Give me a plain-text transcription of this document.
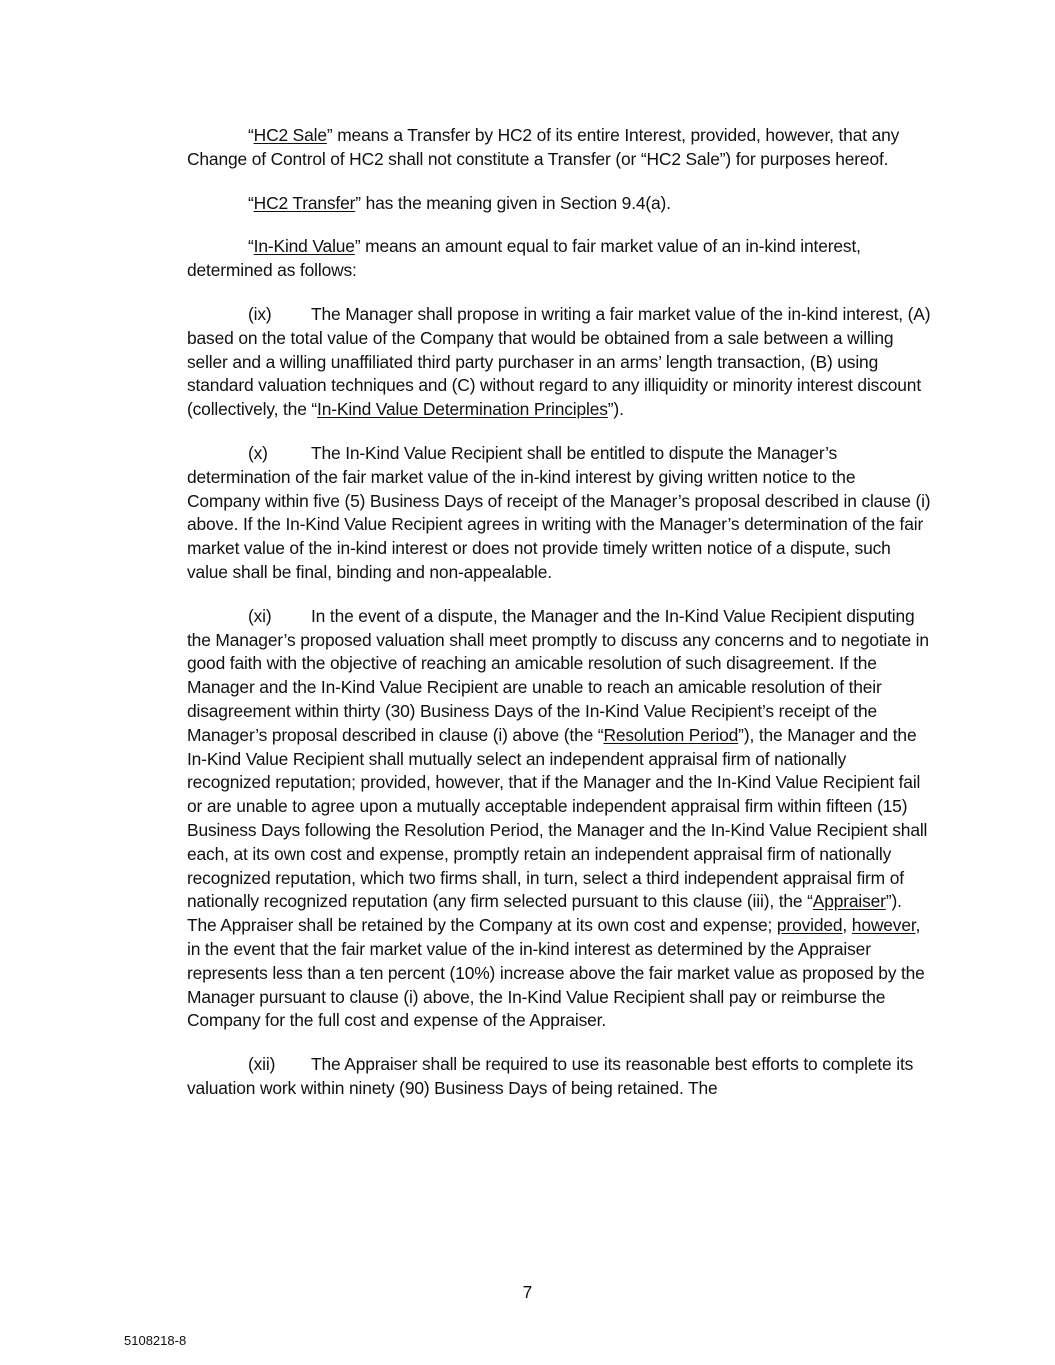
“HC2 Sale” means a Transfer by HC2 of its entire Interest, provided, however, that any Change of Control of HC2 shall not constitute a Transfer (or “HC2 Sale”) for purposes hereof.

“HC2 Transfer” has the meaning given in Section 9.4(a).

“In-Kind Value” means an amount equal to fair market value of an in-kind interest, determined as follows:

(ix) The Manager shall propose in writing a fair market value of the in-kind interest, (A) based on the total value of the Company that would be obtained from a sale between a willing seller and a willing unaffiliated third party purchaser in an arms’ length transaction, (B) using standard valuation techniques and (C) without regard to any illiquidity or minority interest discount (collectively, the “In-Kind Value Determination Principles”).

(x) The In-Kind Value Recipient shall be entitled to dispute the Manager’s determination of the fair market value of the in-kind interest by giving written notice to the Company within five (5) Business Days of receipt of the Manager’s proposal described in clause (i) above. If the In-Kind Value Recipient agrees in writing with the Manager’s determination of the fair market value of the in-kind interest or does not provide timely written notice of a dispute, such value shall be final, binding and non-appealable.

(xi) In the event of a dispute, the Manager and the In-Kind Value Recipient disputing the Manager’s proposed valuation shall meet promptly to discuss any concerns and to negotiate in good faith with the objective of reaching an amicable resolution of such disagreement. If the Manager and the In-Kind Value Recipient are unable to reach an amicable resolution of their disagreement within thirty (30) Business Days of the In-Kind Value Recipient’s receipt of the Manager’s proposal described in clause (i) above (the “Resolution Period”), the Manager and the In-Kind Value Recipient shall mutually select an independent appraisal firm of nationally recognized reputation; provided, however, that if the Manager and the In-Kind Value Recipient fail or are unable to agree upon a mutually acceptable independent appraisal firm within fifteen (15) Business Days following the Resolution Period, the Manager and the In-Kind Value Recipient shall each, at its own cost and expense, promptly retain an independent appraisal firm of nationally recognized reputation, which two firms shall, in turn, select a third independent appraisal firm of nationally recognized reputation (any firm selected pursuant to this clause (iii), the “Appraiser”). The Appraiser shall be retained by the Company at its own cost and expense; provided, however, in the event that the fair market value of the in-kind interest as determined by the Appraiser represents less than a ten percent (10%) increase above the fair market value as proposed by the Manager pursuant to clause (i) above, the In-Kind Value Recipient shall pay or reimburse the Company for the full cost and expense of the Appraiser.

(xii) The Appraiser shall be required to use its reasonable best efforts to complete its valuation work within ninety (90) Business Days of being retained. The

7
5108218-8
